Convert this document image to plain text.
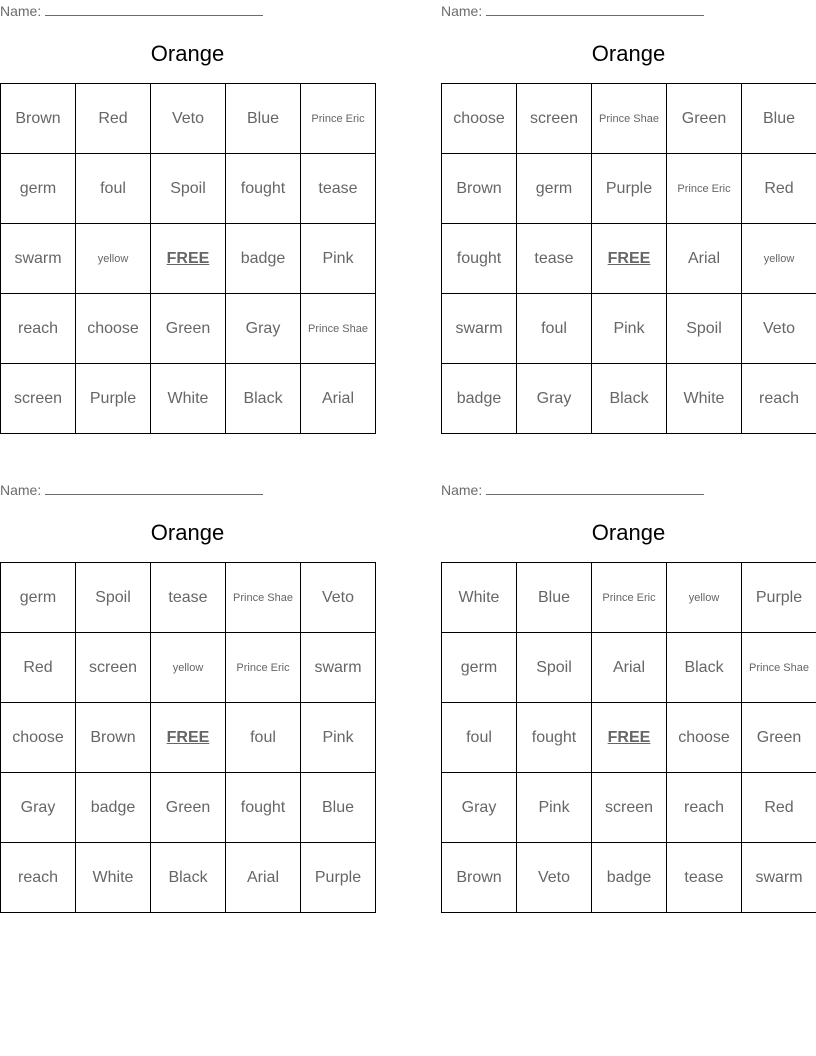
Name:
Orange
Brown	Red	Veto	Blue	Prince Eric
germ	foul	Spoil	fought	tease
swarm	yellow	FREE	badge	Pink
reach	choose	Green	Gray	Prince Shae
screen	Purple	White	Black	Arial
Name:
Orange
choose	screen	Prince Shae	Green	Blue
Brown	germ	Purple	Prince Eric	Red
fought	tease	FREE	Arial	yellow
swarm	foul	Pink	Spoil	Veto
badge	Gray	Black	White	reach
Name:
Orange
germ	Spoil	tease	Prince Shae	Veto
Red	screen	yellow	Prince Eric	swarm
choose	Brown	FREE	foul	Pink
Gray	badge	Green	fought	Blue
reach	White	Black	Arial	Purple
Name:
Orange
White	Blue	Prince Eric	yellow	Purple
germ	Spoil	Arial	Black	Prince Shae
foul	fought	FREE	choose	Green
Gray	Pink	screen	reach	Red
Brown	Veto	badge	tease	swarm
